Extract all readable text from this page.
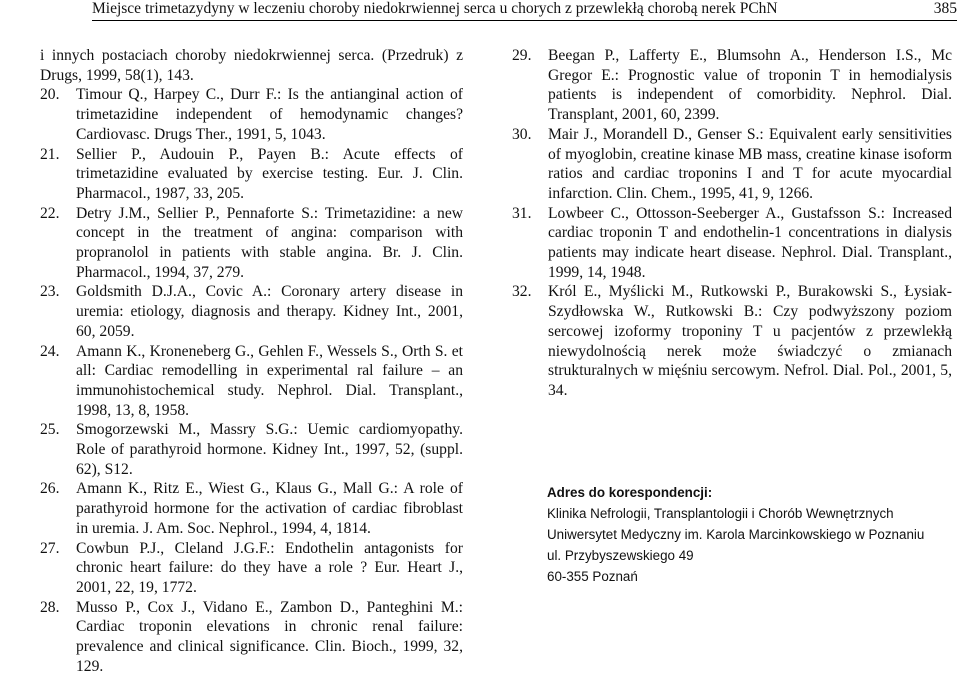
Miejsce trimetazydyny w leczeniu choroby niedokrwiennej serca u chorych z przewlekłą chorobą nerek PChN	385
i innych postaciach choroby niedokrwiennej serca. (Przedruk) z Drugs, 1999, 58(1), 143.
20. Timour Q., Harpey C., Durr F.: Is the antianginal action of trimetazidine independent of hemodynamic changes? Cardiovasc. Drugs Ther., 1991, 5, 1043.
21. Sellier P., Audouin P., Payen B.: Acute effects of trimetazidine evaluated by exercise testing. Eur. J. Clin. Pharmacol., 1987, 33, 205.
22. Detry J.M., Sellier P., Pennaforte S.: Trimetazidine: a new concept in the treatment of angina: comparison with propranolol in patients with stable angina. Br. J. Clin. Pharmacol., 1994, 37, 279.
23. Goldsmith D.J.A., Covic A.: Coronary artery disease in uremia: etiology, diagnosis and therapy. Kidney Int., 2001, 60, 2059.
24. Amann K., Kroneneberg G., Gehlen F., Wessels S., Orth S. et all: Cardiac remodelling in experimental ral failure – an immunohistochemical study. Nephrol. Dial. Transplant., 1998, 13, 8, 1958.
25. Smogorzewski M., Massry S.G.: Uemic cardiomyopathy. Role of parathyroid hormone. Kidney Int., 1997, 52, (suppl. 62), S12.
26. Amann K., Ritz E., Wiest G., Klaus G., Mall G.: A role of parathyroid hormone for the activation of cardiac fibroblast in uremia. J. Am. Soc. Nephrol., 1994, 4, 1814.
27. Cowbun P.J., Cleland J.G.F.: Endothelin antagonists for chronic heart failure: do they have a role ? Eur. Heart J., 2001, 22, 19, 1772.
28. Musso P., Cox J., Vidano E., Zambon D., Panteghini M.: Cardiac troponin elevations in chronic renal failure: prevalence and clinical significance. Clin. Bioch., 1999, 32, 129.
29. Beegan P., Lafferty E., Blumsohn A., Henderson I.S., Mc Gregor E.: Prognostic value of troponin T in hemodialysis patients is independent of comorbidity. Nephrol. Dial. Transplant, 2001, 60, 2399.
30. Mair J., Morandell D., Genser S.: Equivalent early sensitivities of myoglobin, creatine kinase MB mass, creatine kinase isoform ratios and cardiac troponins I and T for acute myocardial infarction. Clin. Chem., 1995, 41, 9, 1266.
31. Lowbeer C., Ottosson-Seeberger A., Gustafsson S.: Increased cardiac troponin T and endothelin-1 concentrations in dialysis patients may indicate heart disease. Nephrol. Dial. Transplant., 1999, 14, 1948.
32. Król E., Myślicki M., Rutkowski P., Burakowski S., Łysiak-Szydłowska W., Rutkowski B.: Czy podwyższony poziom sercowej izoformy troponiny T u pacjentów z przewlekłą niewydolnością nerek może świadczyć o zmianach strukturalnych w mięśniu sercowym. Nefrol. Dial. Pol., 2001, 5, 34.
Adres do korespondencji:
Klinika Nefrologii, Transplantologii i Chorób Wewnętrznych
Uniwersytet Medyczny im. Karola Marcinkowskiego w Poznaniu
ul. Przybyszewskiego 49
60-355 Poznań
